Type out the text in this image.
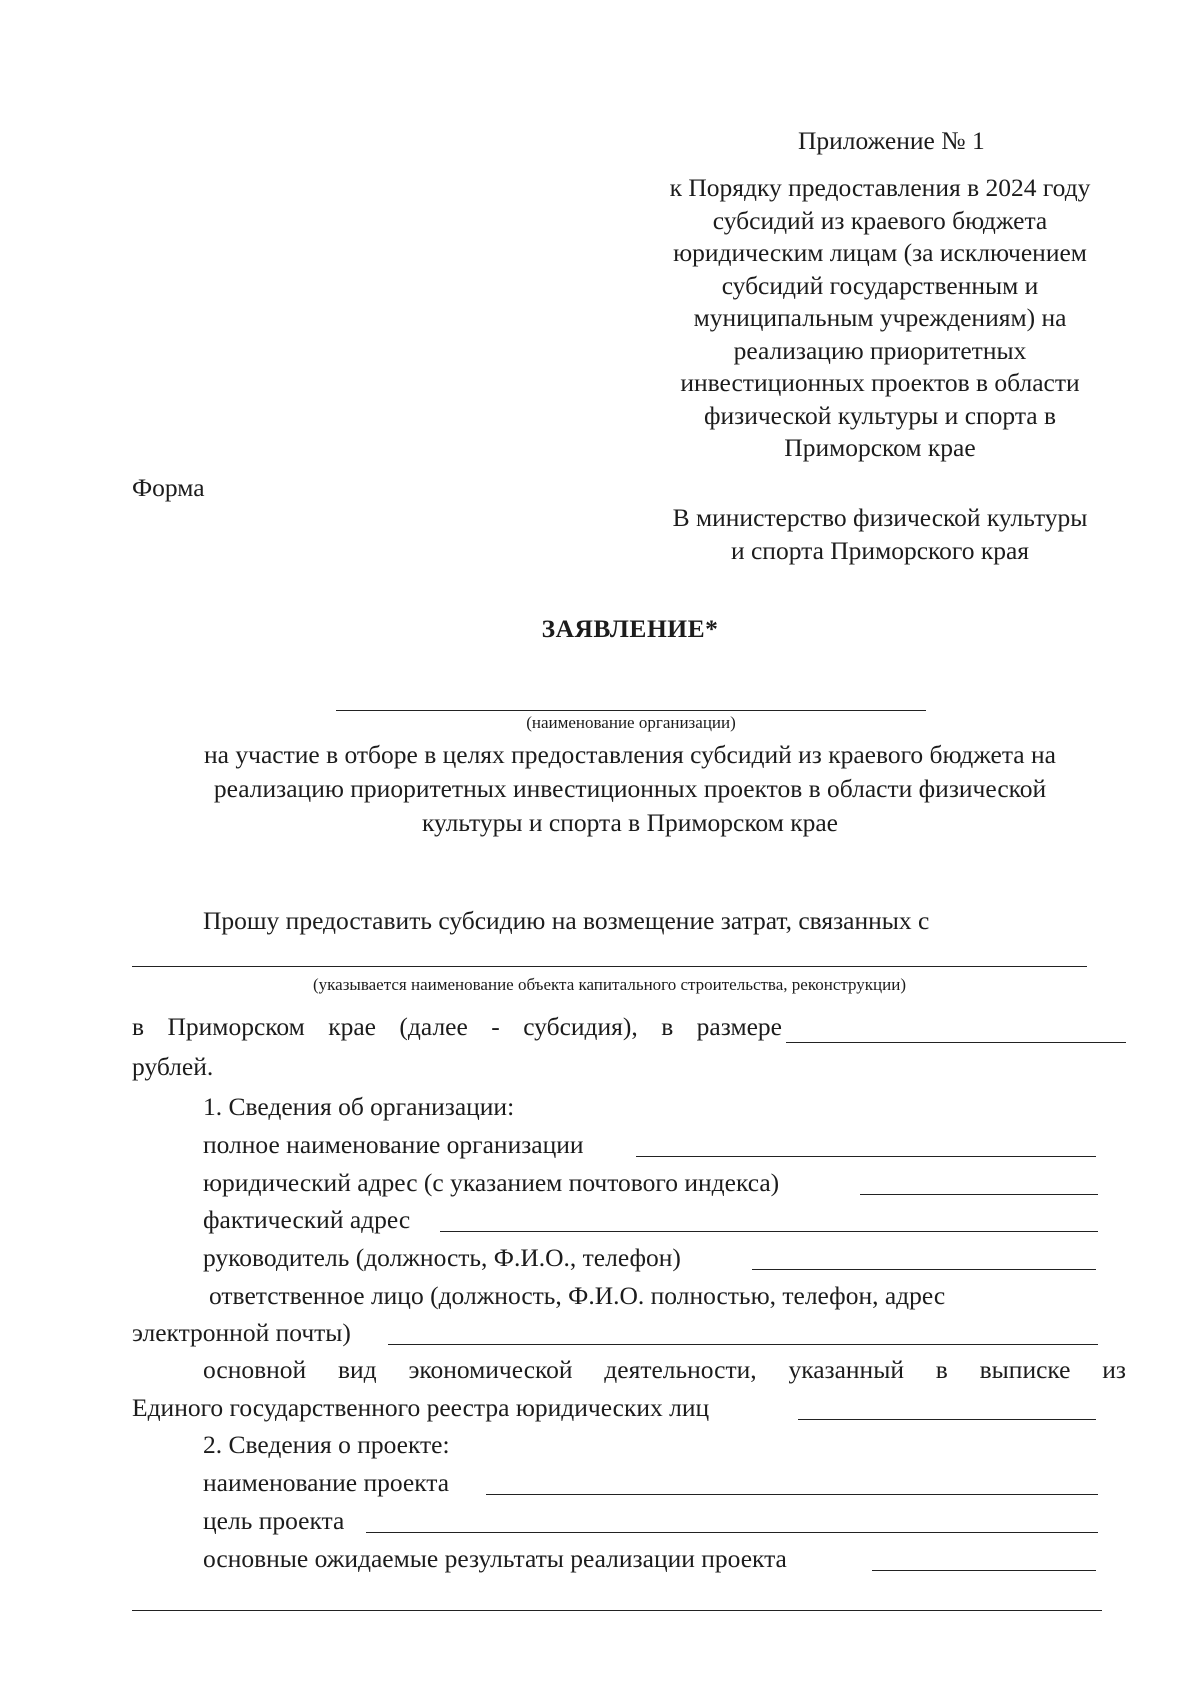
Приложение № 1
к Порядку предоставления в 2024 году
субсидий из краевого бюджета
юридическим лицам (за исключением
субсидий государственным и
муниципальным учреждениям) на
реализацию приоритетных
инвестиционных проектов в области
физической культуры и спорта в
Приморском крае
Форма
В министерство физической культуры
и спорта Приморского края
ЗАЯВЛЕНИЕ*
(наименование организации)
на участие в отборе в целях предоставления субсидий из краевого бюджета на
реализацию приоритетных инвестиционных проектов в области физической
культуры и спорта в Приморском крае
Прошу предоставить субсидию на возмещение затрат, связанных с
(указывается наименование объекта капитального строительства, реконструкции)
в Приморском крае (далее - субсидия), в размере
рублей.
1. Сведения об организации:
полное наименование организации
юридический адрес (с указанием почтового индекса)
фактический адрес
руководитель (должность, Ф.И.О., телефон)
ответственное лицо (должность, Ф.И.О. полностью, телефон, адрес
электронной почты)
основной вид экономической деятельности, указанный в выписке из
Единого государственного реестра юридических лиц
2. Сведения о проекте:
наименование проекта
цель проекта
основные ожидаемые результаты реализации проекта
